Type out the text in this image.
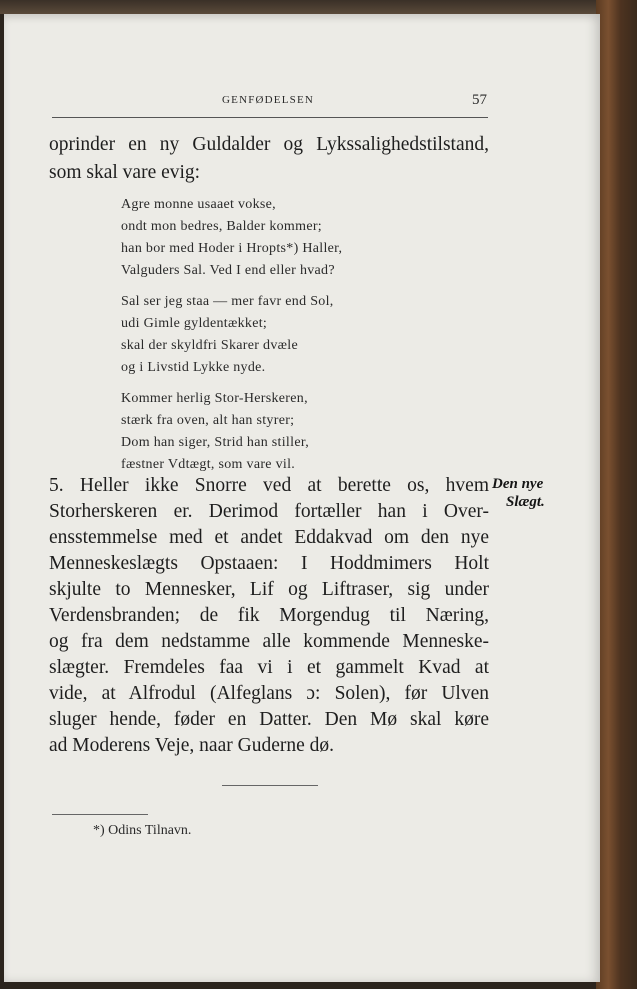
GENFØDELSEN	57
oprinder en ny Guldalder og Lykssalighedstilstand,
som skal vare evig:
Agre monne usaaet vokse,
ondt mon bedres, Balder kommer;
han bor med Hoder i Hropts*) Haller,
Valguders Sal. Ved I end eller hvad?
Sal ser jeg staa — mer favr end Sol,
udi Gimle gyldentækket;
skal der skyldfri Skarer dvæle
og i Livstid Lykke nyde.
Kommer herlig Stor-Herskeren,
stærk fra oven, alt han styrer;
Dom han siger, Strid han stiller,
fæstner Vdtægt, som vare vil.
Den nye
Slægt.
5. Heller ikke Snorre ved at berette os, hvem
Storherskeren er. Derimod fortæller han i Over-
ensstemmelse med et andet Eddakvad om den nye
Menneskeslægts Opstaaen: I Hoddmimers Holt
skjulte to Mennesker, Lif og Liftraser, sig under
Verdensbranden; de fik Morgendug til Næring,
og fra dem nedstamme alle kommende Menneske-
slægter. Fremdeles faa vi i et gammelt Kvad at
vide, at Alfrodul (Alfeglans ɔ: Solen), før Ulven
sluger hende, føder en Datter. Den Mø skal køre
ad Moderens Veje, naar Guderne dø.
*) Odins Tilnavn.
